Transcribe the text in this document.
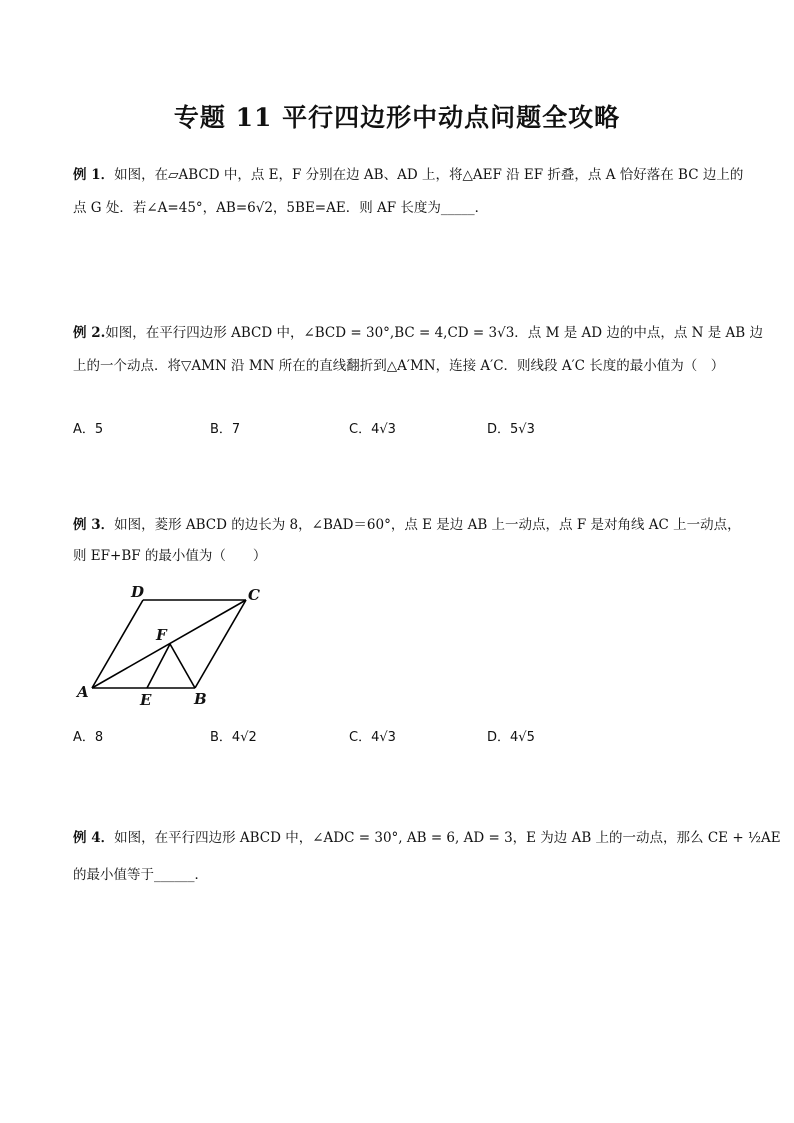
专题 11 平行四边形中动点问题全攻略
例 1．如图，在▱ABCD 中，点 E，F 分别在边 AB、AD 上，将△AEF 沿 EF 折叠，点 A 恰好落在 BC 边上的
点 G 处．若∠A=45°，AB=6√2，5BE=AE．则 AF 长度为_____．
例 2.如图，在平行四边形 ABCD 中，∠BCD = 30°,BC = 4,CD = 3√3．点 M 是 AD 边的中点，点 N 是 AB 边
上的一个动点．将▽AMN 沿 MN 所在的直线翻折到△A′MN，连接 A′C．则线段 A′C 长度的最小值为（　）
A．5	B．7	C．4√3	D．5√3
例 3．如图，菱形 ABCD 的边长为 8，∠BAD＝60°，点 E 是边 AB 上一动点，点 F 是对角线 AC 上一动点，
则 EF+BF 的最小值为（　　）
A	B
C
D
E
F
A．8	B．4√2	C．4√3	D．4√5
例 4．如图，在平行四边形 ABCD 中，∠ADC = 30°, AB = 6, AD = 3，E 为边 AB 上的一动点，那么 CE + ½AE
的最小值等于______．
